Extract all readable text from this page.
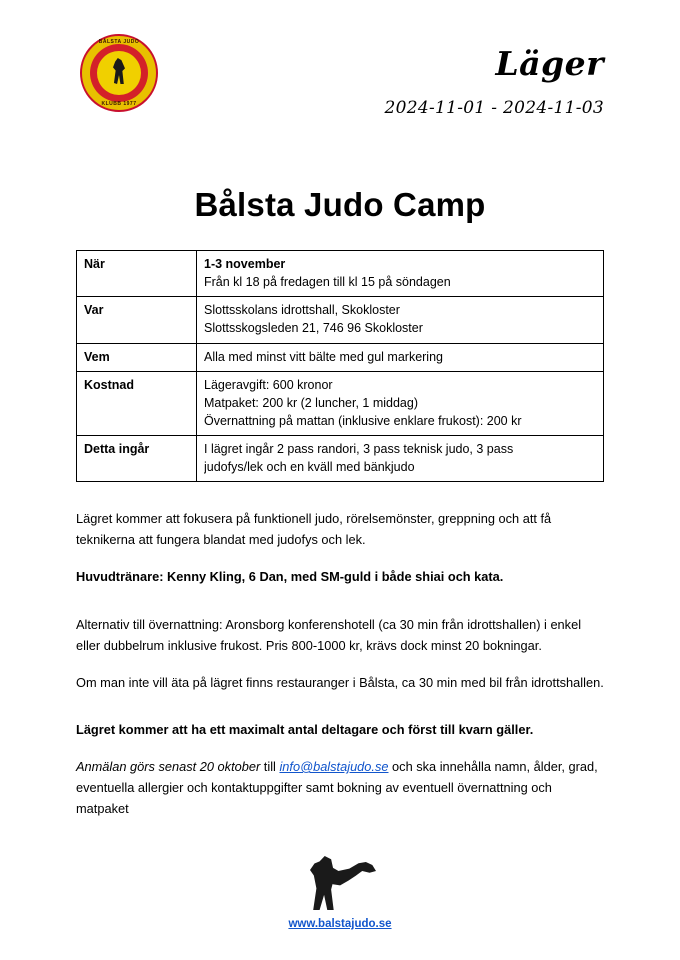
BÅLSTA JUDO
KLUBB 1977
Läger
2024-11-01 - 2024-11-03
Bålsta Judo Camp
När	1-3 november
Från kl 18 på fredagen till kl 15 på söndagen

Var	Slottsskolans idrottshall, Skokloster
Slottsskogsleden 21, 746 96 Skokloster

Vem	Alla med minst vitt bälte med gul markering

Kostnad	Lägeravgift: 600 kronor
Matpaket: 200 kr (2 luncher, 1 middag)
Övernattning på mattan (inklusive enklare frukost): 200 kr

Detta ingår	I lägret ingår 2 pass randori, 3 pass teknisk judo, 3 pass
judofys/lek och en kväll med bänkjudo

Lägret kommer att fokusera på funktionell judo, rörelsemönster, greppning och att få teknikerna att fungera blandat med judofys och lek.

Huvudtränare: Kenny Kling, 6 Dan, med SM-guld i både shiai och kata.

Alternativ till övernattning: Aronsborg konferenshotell (ca 30 min från idrottshallen) i enkel eller dubbelrum inklusive frukost. Pris 800-1000 kr, krävs dock minst 20 bokningar.

Om man inte vill äta på lägret finns restauranger i Bålsta, ca 30 min med bil från idrottshallen.

Lägret kommer att ha ett maximalt antal deltagare och först till kvarn gäller.

Anmälan görs senast 20 oktober till info@balstajudo.se och ska innehålla namn, ålder, grad, eventuella allergier och kontaktuppgifter samt bokning av eventuell övernattning och matpaket

www.balstajudo.se
